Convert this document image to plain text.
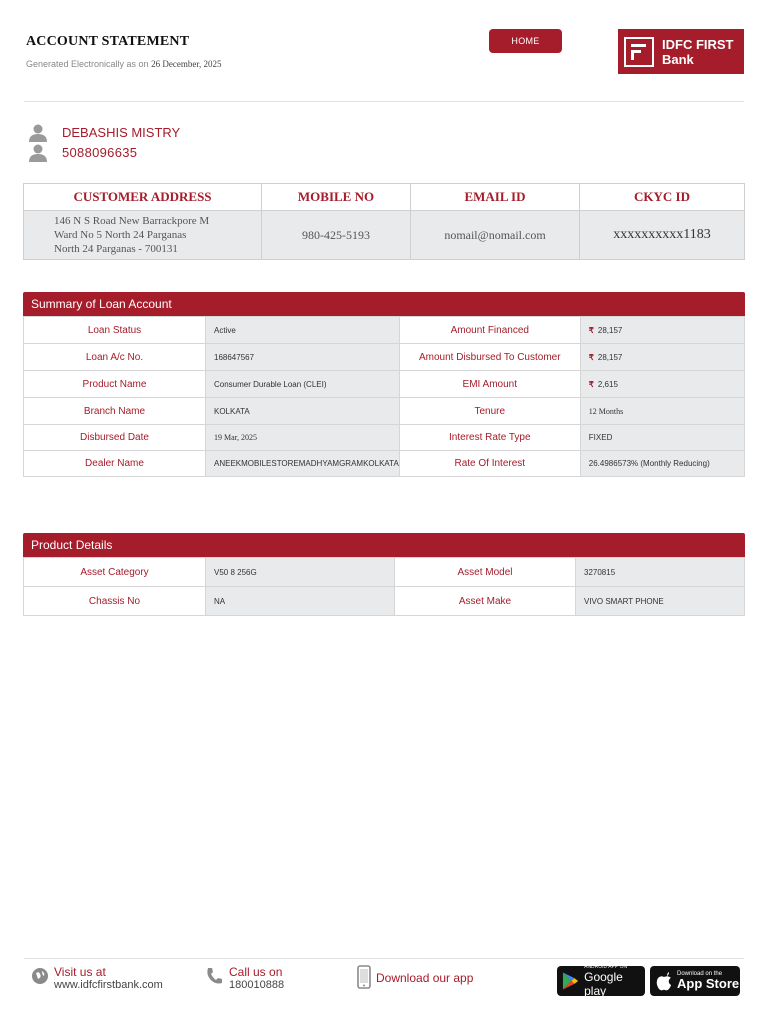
ACCOUNT STATEMENT
Generated Electronically as on 26 December, 2025
HOME	IDFC FIRST
Bank
DEBASHIS MISTRY
5088096635
CUSTOMER ADDRESS	MOBILE NO	EMAIL ID	CKYC ID

146 N S Road New Barrackpore M
Ward No 5 North 24 Parganas
North 24 Parganas - 700131	980-425-5193	nomail@nomail.com	xxxxxxxxxx1183
Summary of Loan Account
Loan Status	Active	Amount Financed	₹ 28,157
Loan A/c No.	168647567	Amount Disbursed To Customer	₹ 28,157
Product Name	Consumer Durable Loan (CLEI)	EMI Amount	₹ 2,615
Branch Name	KOLKATA	Tenure	12 Months
Disbursed Date	19 Mar, 2025	Interest Rate Type	FIXED
Dealer Name	ANEEKMOBILESTOREMADHYAMGRAMKOLKATA	Rate Of Interest	26.4986573% (Monthly Reducing)
Product Details
Asset Category	V50 8 256G	Asset Model	3270815
Chassis No	NA	Asset Make	VIVO SMART PHONE
Visit us at
www.idfcfirstbank.com
Call us on
180010888	Download our app
ANDROID APP ON
Google play
Download on the
App Store
